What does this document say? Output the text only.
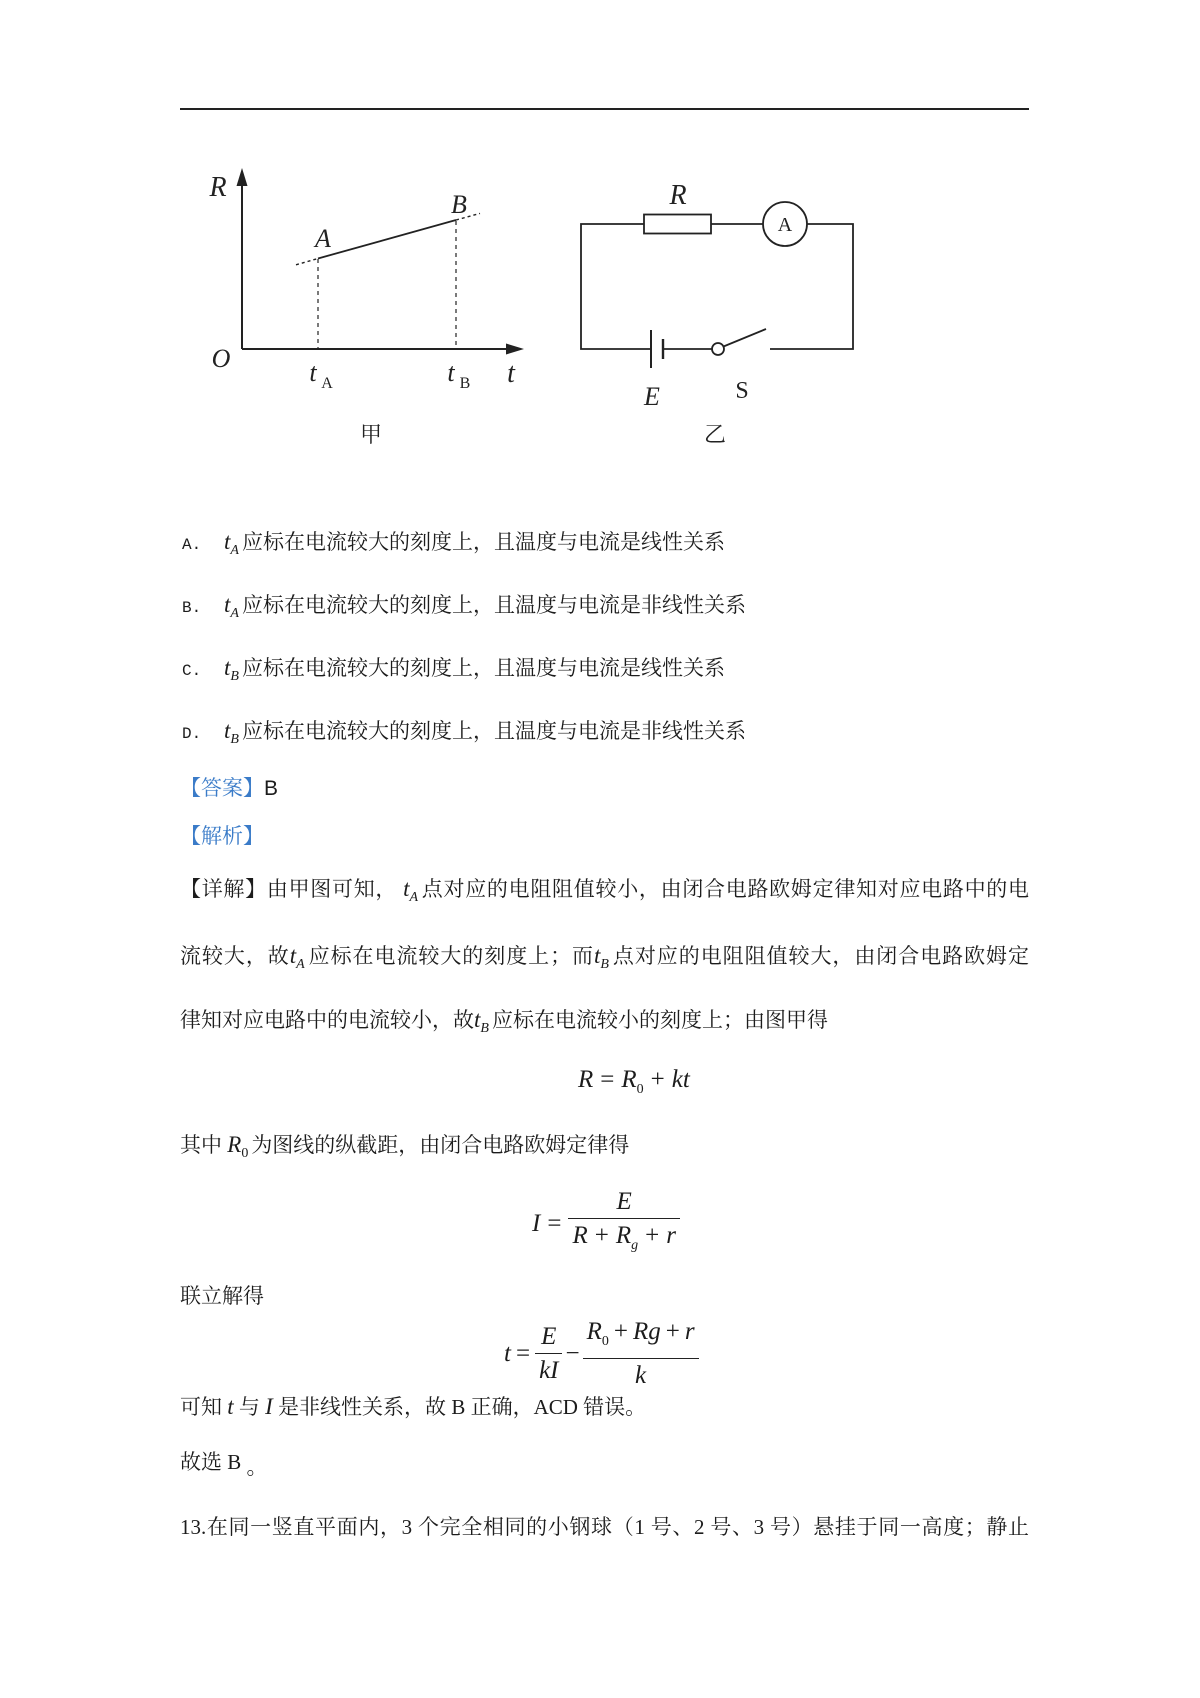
R
O	t
t A	t B
A
B
甲
R
A
E	S
乙
A. $t_A$ 应标在电流较大的刻度上，且温度与电流是线性关系
B. $t_A$ 应标在电流较大的刻度上，且温度与电流是非线性关系
C. $t_B$ 应标在电流较大的刻度上，且温度与电流是线性关系
D. $t_B$ 应标在电流较大的刻度上，且温度与电流是非线性关系
【答案】B
【解析】
【详解】由甲图可知， $t_A$ 点对应的电阻阻值较小，由闭合电路欧姆定律知对应电路中的电
流较大，故$t_A$ 应标在电流较大的刻度上；而$t_B$ 点对应的电阻阻值较大，由闭合电路欧姆定
律知对应电路中的电流较小，故$t_B$ 应标在电流较小的刻度上；由图甲得
$R = R_0$ + kt
其中 $R_0$ 为图线的纵截距，由闭合电路欧姆定律得
$I = \frac{E}{R + R_g + r}$
联立解得
$t = \frac{E}{kI} - \frac{R_0 + Rg + r}{k}$
可知 t 与 I 是非线性关系，故 B 正确，ACD 错误。
故选 B 。
13.在同一竖直平面内，3 个完全相同的小钢球（1 号、2 号、3 号）悬挂于同一高度；静止
